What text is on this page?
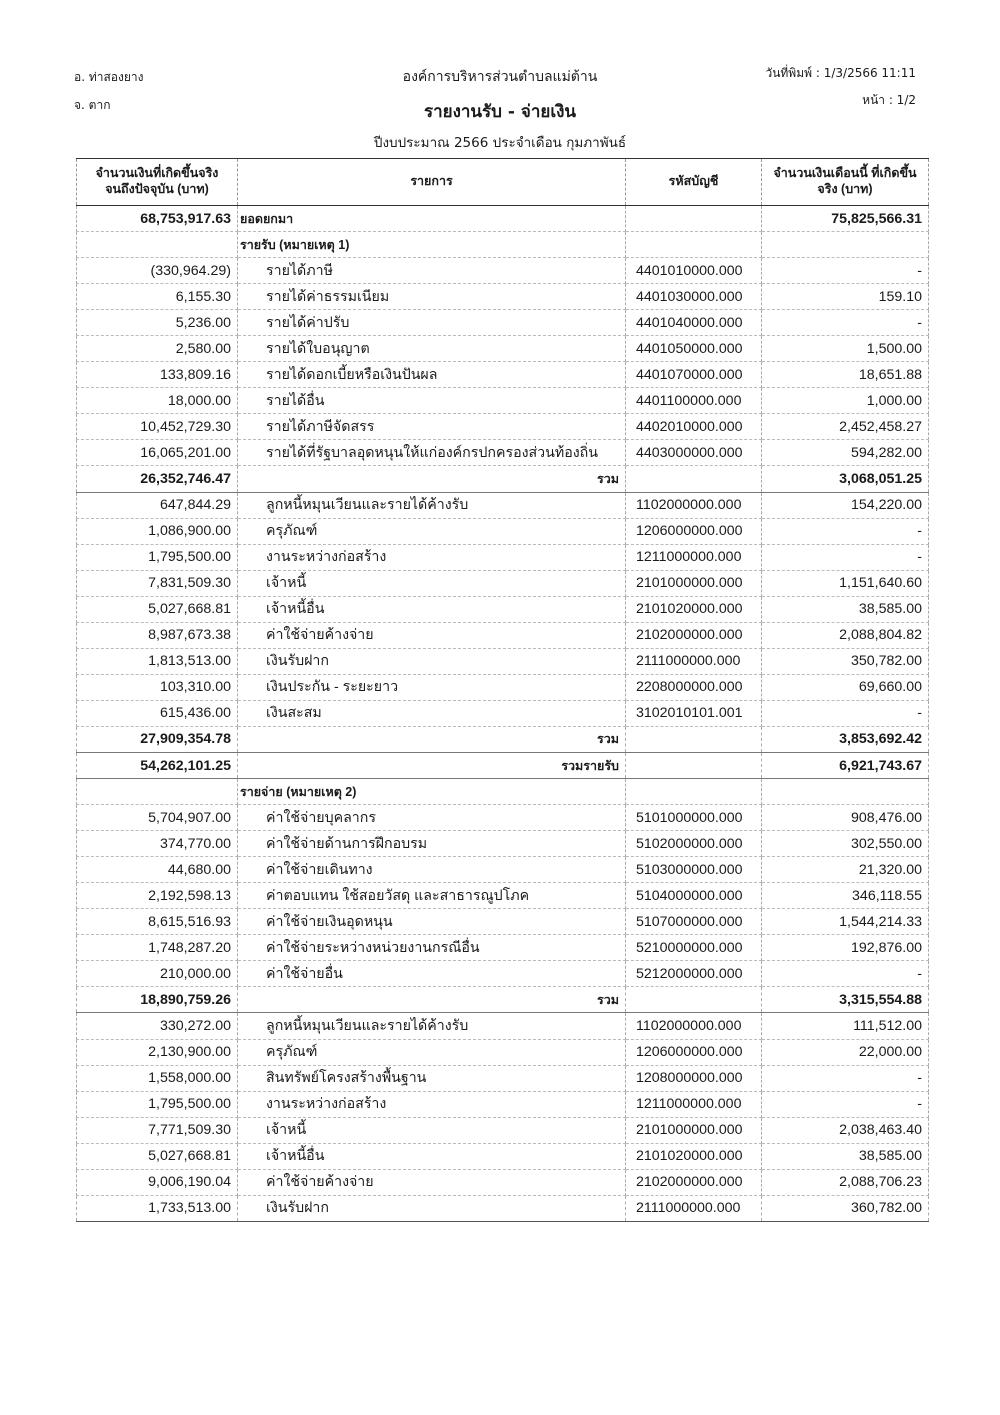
อ. ท่าสองยาง
จ. ตาก
องค์การบริหารส่วนตำบลแม่ต้าน	วันที่พิมพ์ : 1/3/2566 11:11
หน้า : 1/2
รายงานรับ - จ่ายเงิน
ปีงบประมาณ 2566 ประจำเดือน กุมภาพันธ์
จำนวนเงินที่เกิดขึ้นจริง จนถึงปัจจุบัน (บาท)	รายการ	รหัสบัญชี	จำนวนเงินเดือนนี้ ที่เกิดขึ้นจริง (บาท)
68,753,917.63	ยอดยกมา		75,825,566.31
	รายรับ (หมายเหตุ 1)		
(330,964.29)	รายได้ภาษี	4401010000.000	-
6,155.30	รายได้ค่าธรรมเนียม	4401030000.000	159.10
5,236.00	รายได้ค่าปรับ	4401040000.000	-
2,580.00	รายได้ใบอนุญาต	4401050000.000	1,500.00
133,809.16	รายได้ดอกเบี้ยหรือเงินปันผล	4401070000.000	18,651.88
18,000.00	รายได้อื่น	4401100000.000	1,000.00
10,452,729.30	รายได้ภาษีจัดสรร	4402010000.000	2,452,458.27
16,065,201.00	รายได้ที่รัฐบาลอุดหนุนให้แก่องค์กรปกครองส่วนท้องถิ่น	4403000000.000	594,282.00
26,352,746.47	รวม		3,068,051.25
647,844.29	ลูกหนี้หมุนเวียนและรายได้ค้างรับ	1102000000.000	154,220.00
1,086,900.00	ครุภัณฑ์	1206000000.000	-
1,795,500.00	งานระหว่างก่อสร้าง	1211000000.000	-
7,831,509.30	เจ้าหนี้	2101000000.000	1,151,640.60
5,027,668.81	เจ้าหนี้อื่น	2101020000.000	38,585.00
8,987,673.38	ค่าใช้จ่ายค้างจ่าย	2102000000.000	2,088,804.82
1,813,513.00	เงินรับฝาก	2111000000.000	350,782.00
103,310.00	เงินประกัน - ระยะยาว	2208000000.000	69,660.00
615,436.00	เงินสะสม	3102010101.001	-
27,909,354.78	รวม		3,853,692.42
54,262,101.25	รวมรายรับ		6,921,743.67
	รายจ่าย (หมายเหตุ 2)		
5,704,907.00	ค่าใช้จ่ายบุคลากร	5101000000.000	908,476.00
374,770.00	ค่าใช้จ่ายด้านการฝึกอบรม	5102000000.000	302,550.00
44,680.00	ค่าใช้จ่ายเดินทาง	5103000000.000	21,320.00
2,192,598.13	ค่าตอบแทน ใช้สอยวัสดุ และสาธารณูปโภค	5104000000.000	346,118.55
8,615,516.93	ค่าใช้จ่ายเงินอุดหนุน	5107000000.000	1,544,214.33
1,748,287.20	ค่าใช้จ่ายระหว่างหน่วยงานกรณีอื่น	5210000000.000	192,876.00
210,000.00	ค่าใช้จ่ายอื่น	5212000000.000	-
18,890,759.26	รวม		3,315,554.88
330,272.00	ลูกหนี้หมุนเวียนและรายได้ค้างรับ	1102000000.000	111,512.00
2,130,900.00	ครุภัณฑ์	1206000000.000	22,000.00
1,558,000.00	สินทรัพย์โครงสร้างพื้นฐาน	1208000000.000	-
1,795,500.00	งานระหว่างก่อสร้าง	1211000000.000	-
7,771,509.30	เจ้าหนี้	2101000000.000	2,038,463.40
5,027,668.81	เจ้าหนี้อื่น	2101020000.000	38,585.00
9,006,190.04	ค่าใช้จ่ายค้างจ่าย	2102000000.000	2,088,706.23
1,733,513.00	เงินรับฝาก	2111000000.000	360,782.00
